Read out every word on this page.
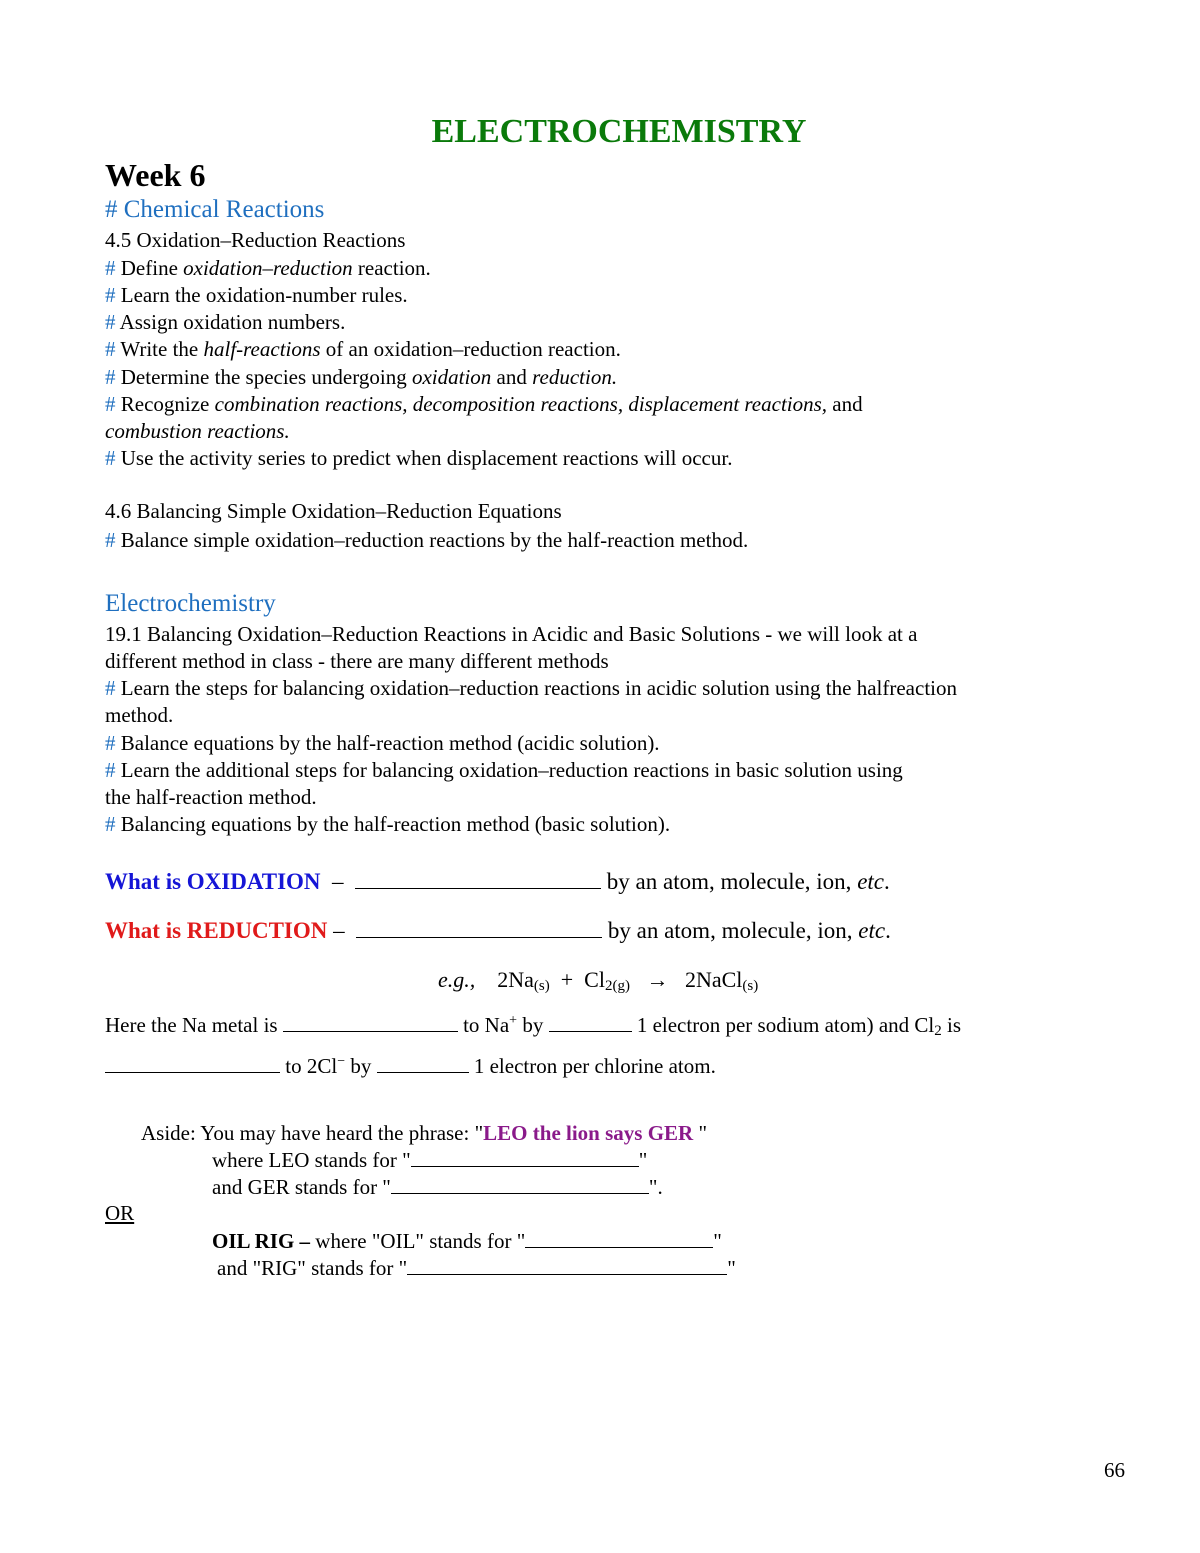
ELECTROCHEMISTRY
Week 6
# Chemical Reactions
4.5 Oxidation–Reduction Reactions
# Define oxidation–reduction reaction.
# Learn the oxidation-number rules.
# Assign oxidation numbers.
# Write the half-reactions of an oxidation–reduction reaction.
# Determine the species undergoing oxidation and reduction.
# Recognize combination reactions, decomposition reactions, displacement reactions, and
combustion reactions.
# Use the activity series to predict when displacement reactions will occur.
4.6 Balancing Simple Oxidation–Reduction Equations
# Balance simple oxidation–reduction reactions by the half-reaction method.
Electrochemistry
19.1 Balancing Oxidation–Reduction Reactions in Acidic and Basic Solutions - we will look at a
different method in class - there are many different methods
# Learn the steps for balancing oxidation–reduction reactions in acidic solution using the halfreaction
method.
# Balance equations by the half-reaction method (acidic solution).
# Learn the additional steps for balancing oxidation–reduction reactions in basic solution using
the half-reaction method.
# Balancing equations by the half-reaction method (basic solution).
What is OXIDATION –	by an atom, molecule, ion, etc.
What is REDUCTION –	by an atom, molecule, ion, etc.
e.g., $2Na_{(s)} + Cl_{2(g)}$ → 2NaCl$_{(s)}$
Here the Na metal is	to Na+ by	1 electron per sodium atom) and $Cl_2$ is
to 2Cl− by	1 electron per chlorine atom.
Aside: You may have heard the phrase: "LEO the lion says GER "
where LEO stands for "	"
and GER stands for "	".
OR
OIL RIG – where "OIL" stands for "	"
and "RIG" stands for "	"
66
